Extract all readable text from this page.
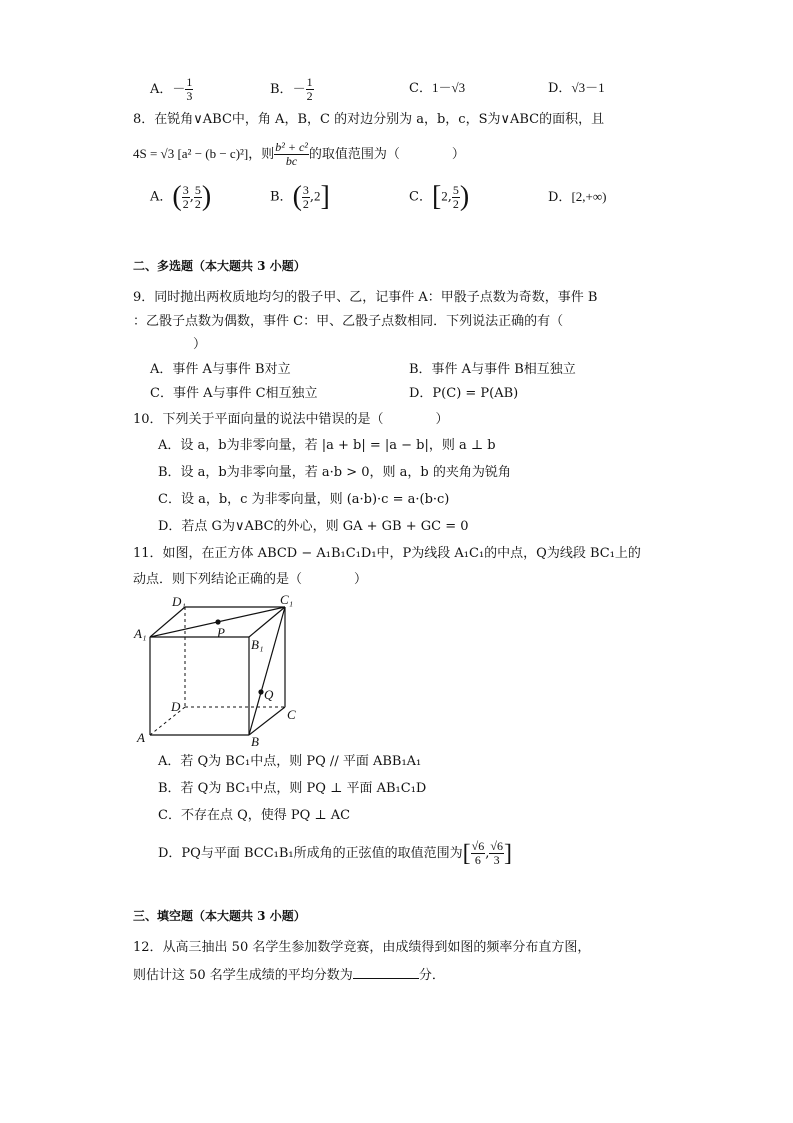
A．－ $\frac{1}{3}$	B．－ $\frac{1}{2}$	C．1－√3	D．√3－1
8．在锐角∨ABC中，角 A，B，C 的对边分别为 a，b，c，S为∨ABC的面积，且
4S = √3 [a² − (b − c)²]，则 $\frac{\text{b² + c²}}{bc}$ 的取值范围为（　　　　）
A．( $\frac{3}{2}$ , $\frac{5}{2}$ )	B．( $\frac{3}{2} ,2$]	C．[2, $\frac{5}{2}$ )	D．[2,+∞)
二、多选题（本大题共 3 小题）
9．同时抛出两枚质地均匀的骰子甲、乙，记事件 A：甲骰子点数为奇数，事件 B
：乙骰子点数为偶数，事件 C：甲、乙骰子点数相同．下列说法正确的有（
）
A．事件 A与事件 B对立	B．事件 A与事件 B相互独立
C．事件 A与事件 C相互独立	D．P(C) = P(AB)
10．下列关于平面向量的说法中错误的是（　　　　）
A．设 a，b为非零向量，若 |a + b| = |a − b|，则 a ⊥ b
B．设 a，b为非零向量，若 a·b > 0，则 a，b 的夹角为锐角
C．设 a，b，c 为非零向量，则 (a·b)·c = a·(b·c)
D．若点 G为∨ABC的外心，则 GA + GB + GC = 0
11．如图，在正方体 ABCD − A₁B₁C₁D₁中，P为线段 A₁C₁的中点，Q为线段 BC₁上的
动点．则下列结论正确的是（　　　　）
D₁	C₁
A₁
B₁
P
Q
D
C
A	B
A．若 Q为 BC₁中点，则 PQ // 平面 ABB₁A₁
B．若 Q为 BC₁中点，则 PQ ⊥ 平面 AB₁C₁D
C．不存在点 Q，使得 PQ ⊥ AC
D．PQ与平面 BCC₁B₁所成角的正弦值的取值范围为[ $\frac{√6}{6}$ , $\frac{√6}{3}$ ]
三、填空题（本大题共 3 小题）
12．从高三抽出 50 名学生参加数学竞赛，由成绩得到如图的频率分布直方图，
则估计这 50 名学生成绩的平均分数为	分．
